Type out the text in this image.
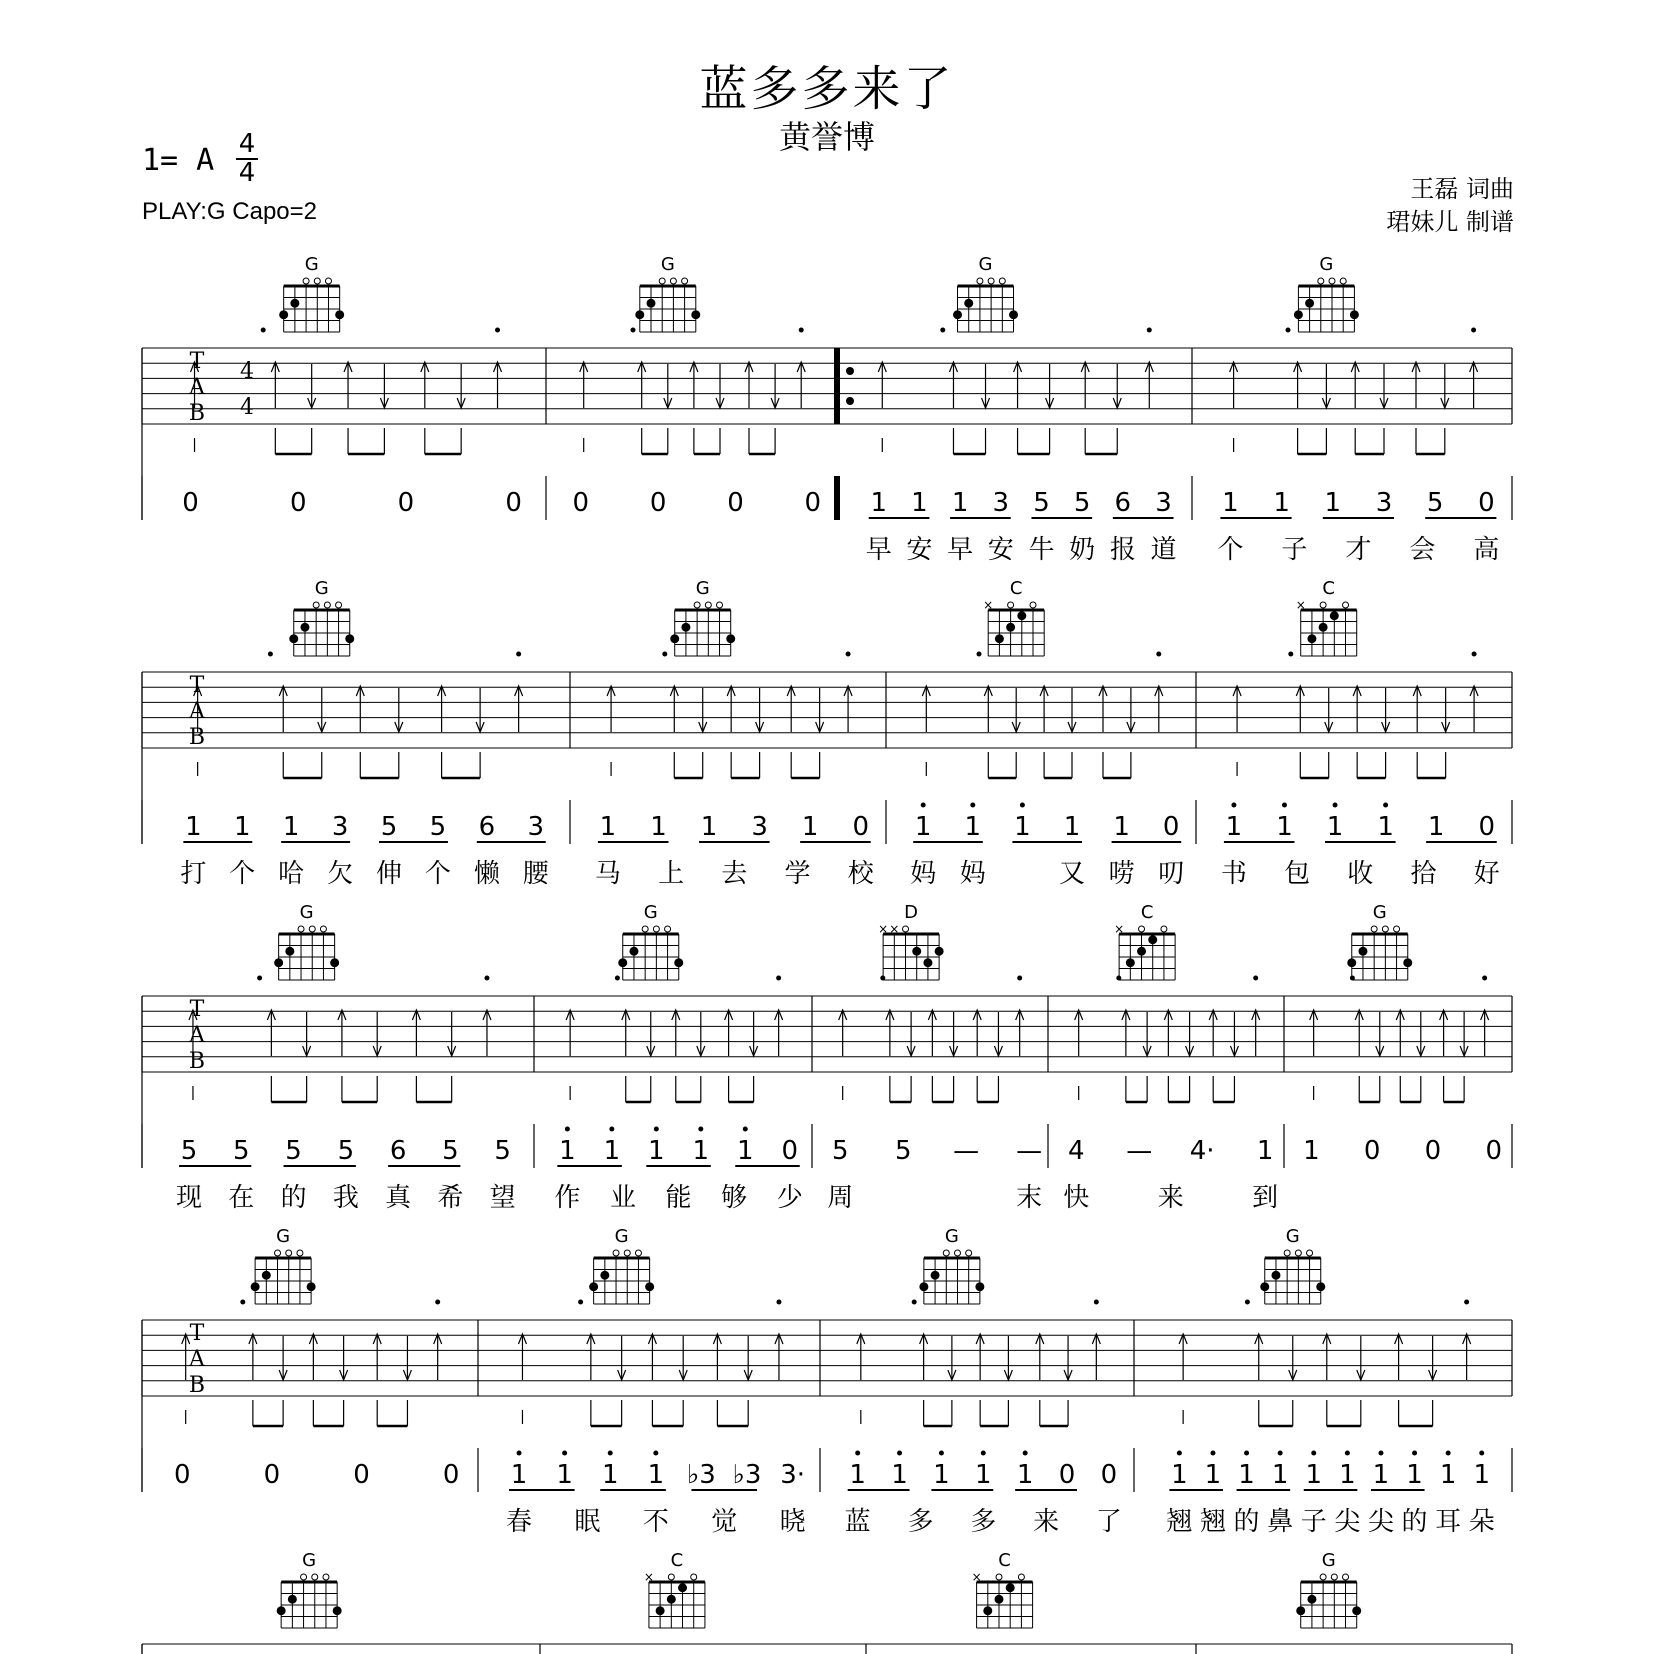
蓝多多来了
黄誉博
1= A 4
4
PLAY:G Capo=2
王磊 词曲
珺妹儿 制谱
T
A
B
4
4
G
0	0	0	0
G
0 0 0 0
G
1 1 1 3 5 5 6 3
早 安 早 安 牛 奶 报 道
G
1 1 1 3 5 0
个 子 才 会 高
T
A
B
G
1 1 1 3 5 5 6 3
打 个 哈 欠 伸 个 懒 腰
G
1 1 1 3 1 0
马 上 去 学 校
C
×
1 1 1 1 1 0
妈 妈	又 唠 叨
C
×
1 1 1 1 1 0
书 包 收 拾 好
T
A
B
G
5 5 5 5 6 5 5
现 在 的 我 真 希 望
G
1 1 1 1 1 0
作 业 能 够 少
D
× ×
5 5 — —
周	末
C
×
4 — 4· 1
快	来	到
G
1 0 0 0
T
A
B
G
0	0	0	0
G
1 1 1 1 ♭3 ♭3 3·
春 眠 不 觉 晓
G
1 1 1 1 1 0 0
蓝 多 多 来 了
G
1 1 1 1 1 1 1 1 1 1
翘 翘 的 鼻 子 尖 尖 的 耳 朵
G	C
×
C
×
G
